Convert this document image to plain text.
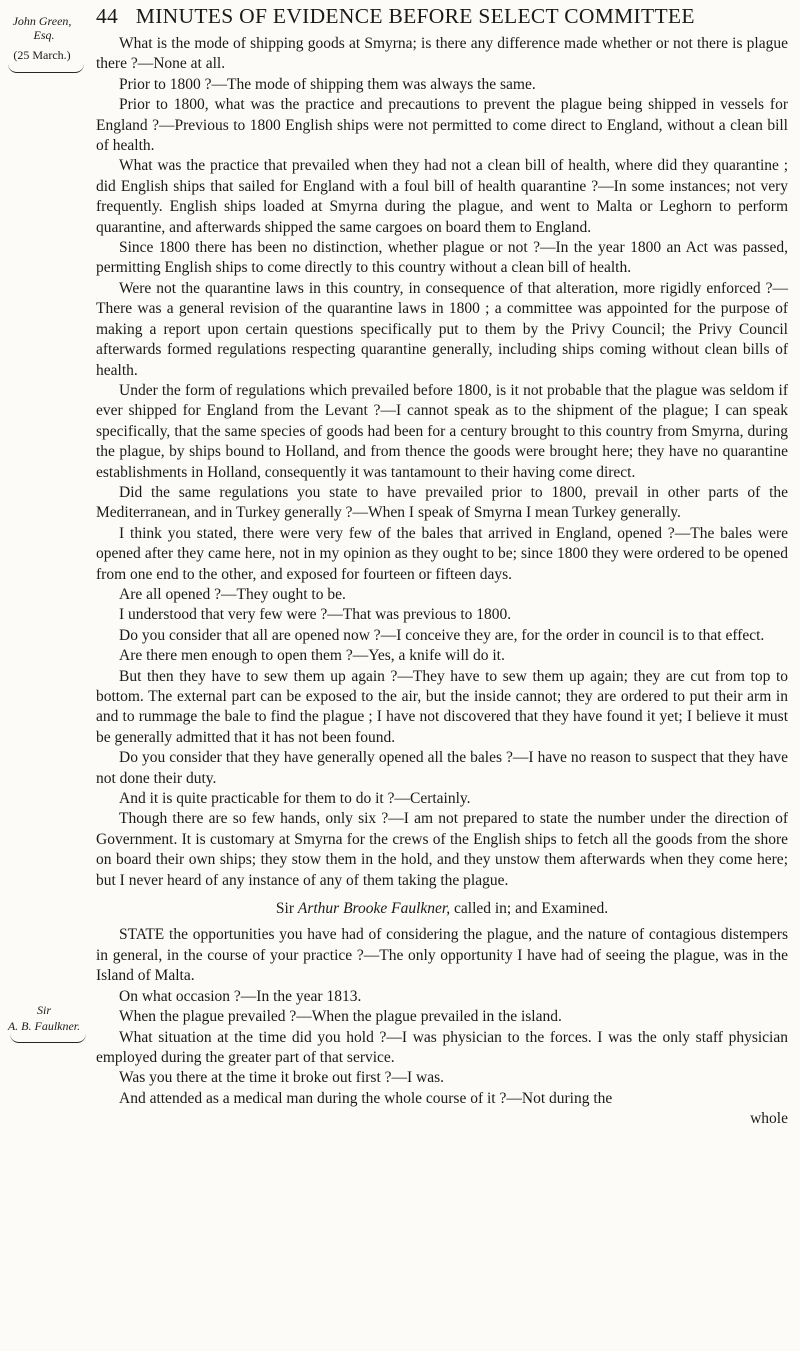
44 MINUTES OF EVIDENCE BEFORE SELECT COMMITTEE
John Green,
Esq.
(25 March.)
Sir
A. B. Faulkner.

What is the mode of shipping goods at Smyrna; is there any difference made whether or not there is plague there ?—None at all.

Prior to 1800 ?—The mode of shipping them was always the same.

Prior to 1800, what was the practice and precautions to prevent the plague being shipped in vessels for England ?—Previous to 1800 English ships were not permitted to come direct to England, without a clean bill of health.

What was the practice that prevailed when they had not a clean bill of health, where did they quarantine ; did English ships that sailed for England with a foul bill of health quarantine ?—In some instances; not very frequently. English ships loaded at Smyrna during the plague, and went to Malta or Leghorn to perform quarantine, and afterwards shipped the same cargoes on board them to England.

Since 1800 there has been no distinction, whether plague or not ?—In the year 1800 an Act was passed, permitting English ships to come directly to this country without a clean bill of health.

Were not the quarantine laws in this country, in consequence of that alteration, more rigidly enforced ?—There was a general revision of the quarantine laws in 1800 ; a committee was appointed for the purpose of making a report upon certain questions specifically put to them by the Privy Council; the Privy Council afterwards formed regulations respecting quarantine generally, including ships coming without clean bills of health.

Under the form of regulations which prevailed before 1800, is it not probable that the plague was seldom if ever shipped for England from the Levant ?—I cannot speak as to the shipment of the plague; I can speak specifically, that the same species of goods had been for a century brought to this country from Smyrna, during the plague, by ships bound to Holland, and from thence the goods were brought here; they have no quarantine establishments in Holland, consequently it was tantamount to their having come direct.

Did the same regulations you state to have prevailed prior to 1800, prevail in other parts of the Mediterranean, and in Turkey generally ?—When I speak of Smyrna I mean Turkey generally.

I think you stated, there were very few of the bales that arrived in England, opened ?—The bales were opened after they came here, not in my opinion as they ought to be; since 1800 they were ordered to be opened from one end to the other, and exposed for fourteen or fifteen days.

Are all opened ?—They ought to be.

I understood that very few were ?—That was previous to 1800.

Do you consider that all are opened now ?—I conceive they are, for the order in council is to that effect.

Are there men enough to open them ?—Yes, a knife will do it.

But then they have to sew them up again ?—They have to sew them up again; they are cut from top to bottom. The external part can be exposed to the air, but the inside cannot; they are ordered to put their arm in and to rummage the bale to find the plague ; I have not discovered that they have found it yet; I believe it must be generally admitted that it has not been found.

Do you consider that they have generally opened all the bales ?—I have no reason to suspect that they have not done their duty.

And it is quite practicable for them to do it ?—Certainly.

Though there are so few hands, only six ?—I am not prepared to state the number under the direction of Government. It is customary at Smyrna for the crews of the English ships to fetch all the goods from the shore on board their own ships; they stow them in the hold, and they unstow them afterwards when they come here; but I never heard of any instance of any of them taking the plague.

Sir Arthur Brooke Faulkner, called in; and Examined.

STATE the opportunities you have had of considering the plague, and the nature of contagious distempers in general, in the course of your practice ?—The only opportunity I have had of seeing the plague, was in the Island of Malta.

On what occasion ?—In the year 1813.

When the plague prevailed ?—When the plague prevailed in the island.

What situation at the time did you hold ?—I was physician to the forces. I was the only staff physician employed during the greater part of that service.

Was you there at the time it broke out first ?—I was.

And attended as a medical man during the whole course of it ?—Not during the

whole
